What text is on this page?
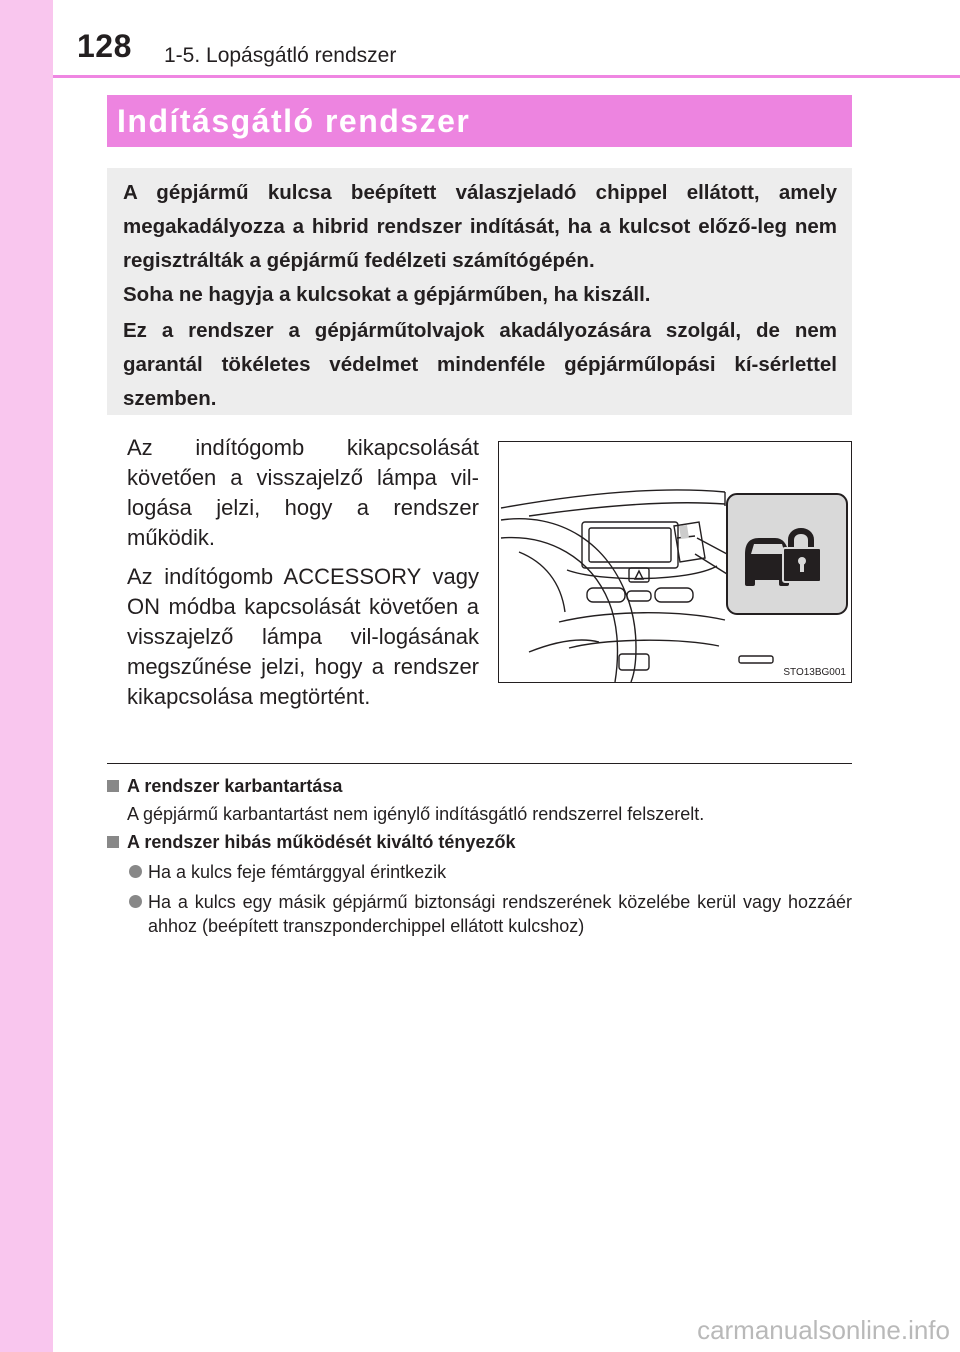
128 1-5. Lopásgátló rendszer
Indításgátló rendszer

A gépjármű kulcsa beépített válaszjeladó chippel ellátott, amely megakadályozza a hibrid rendszer indítását, ha a kulcsot előző-leg nem regisztrálták a gépjármű fedélzeti számítógépén.

Soha ne hagyja a kulcsokat a gépjárműben, ha kiszáll.

Ez a rendszer a gépjárműtolvajok akadályozására szolgál, de nem garantál tökéletes védelmet mindenféle gépjárműlopási kí-sérlettel szemben.

Az indítógomb kikapcsolását követően a visszajelző lámpa vil-logása jelzi, hogy a rendszer működik.

Az indítógomb ACCESSORY vagy ON módba kapcsolását követően a visszajelző lámpa vil-logásának megszűnése jelzi, hogy a rendszer kikapcsolása megtörtént.

STO13BG001

A rendszer karbantartása

A gépjármű karbantartást nem igénylő indításgátló rendszerrel felszerelt.

A rendszer hibás működését kiváltó tényezők

Ha a kulcs feje fémtárggyal érintkezik
Ha a kulcs egy másik gépjármű biztonsági rendszerének közelébe kerül vagy hozzáér ahhoz (beépített transzponderchippel ellátott kulcshoz)
carmanualsonline.info
